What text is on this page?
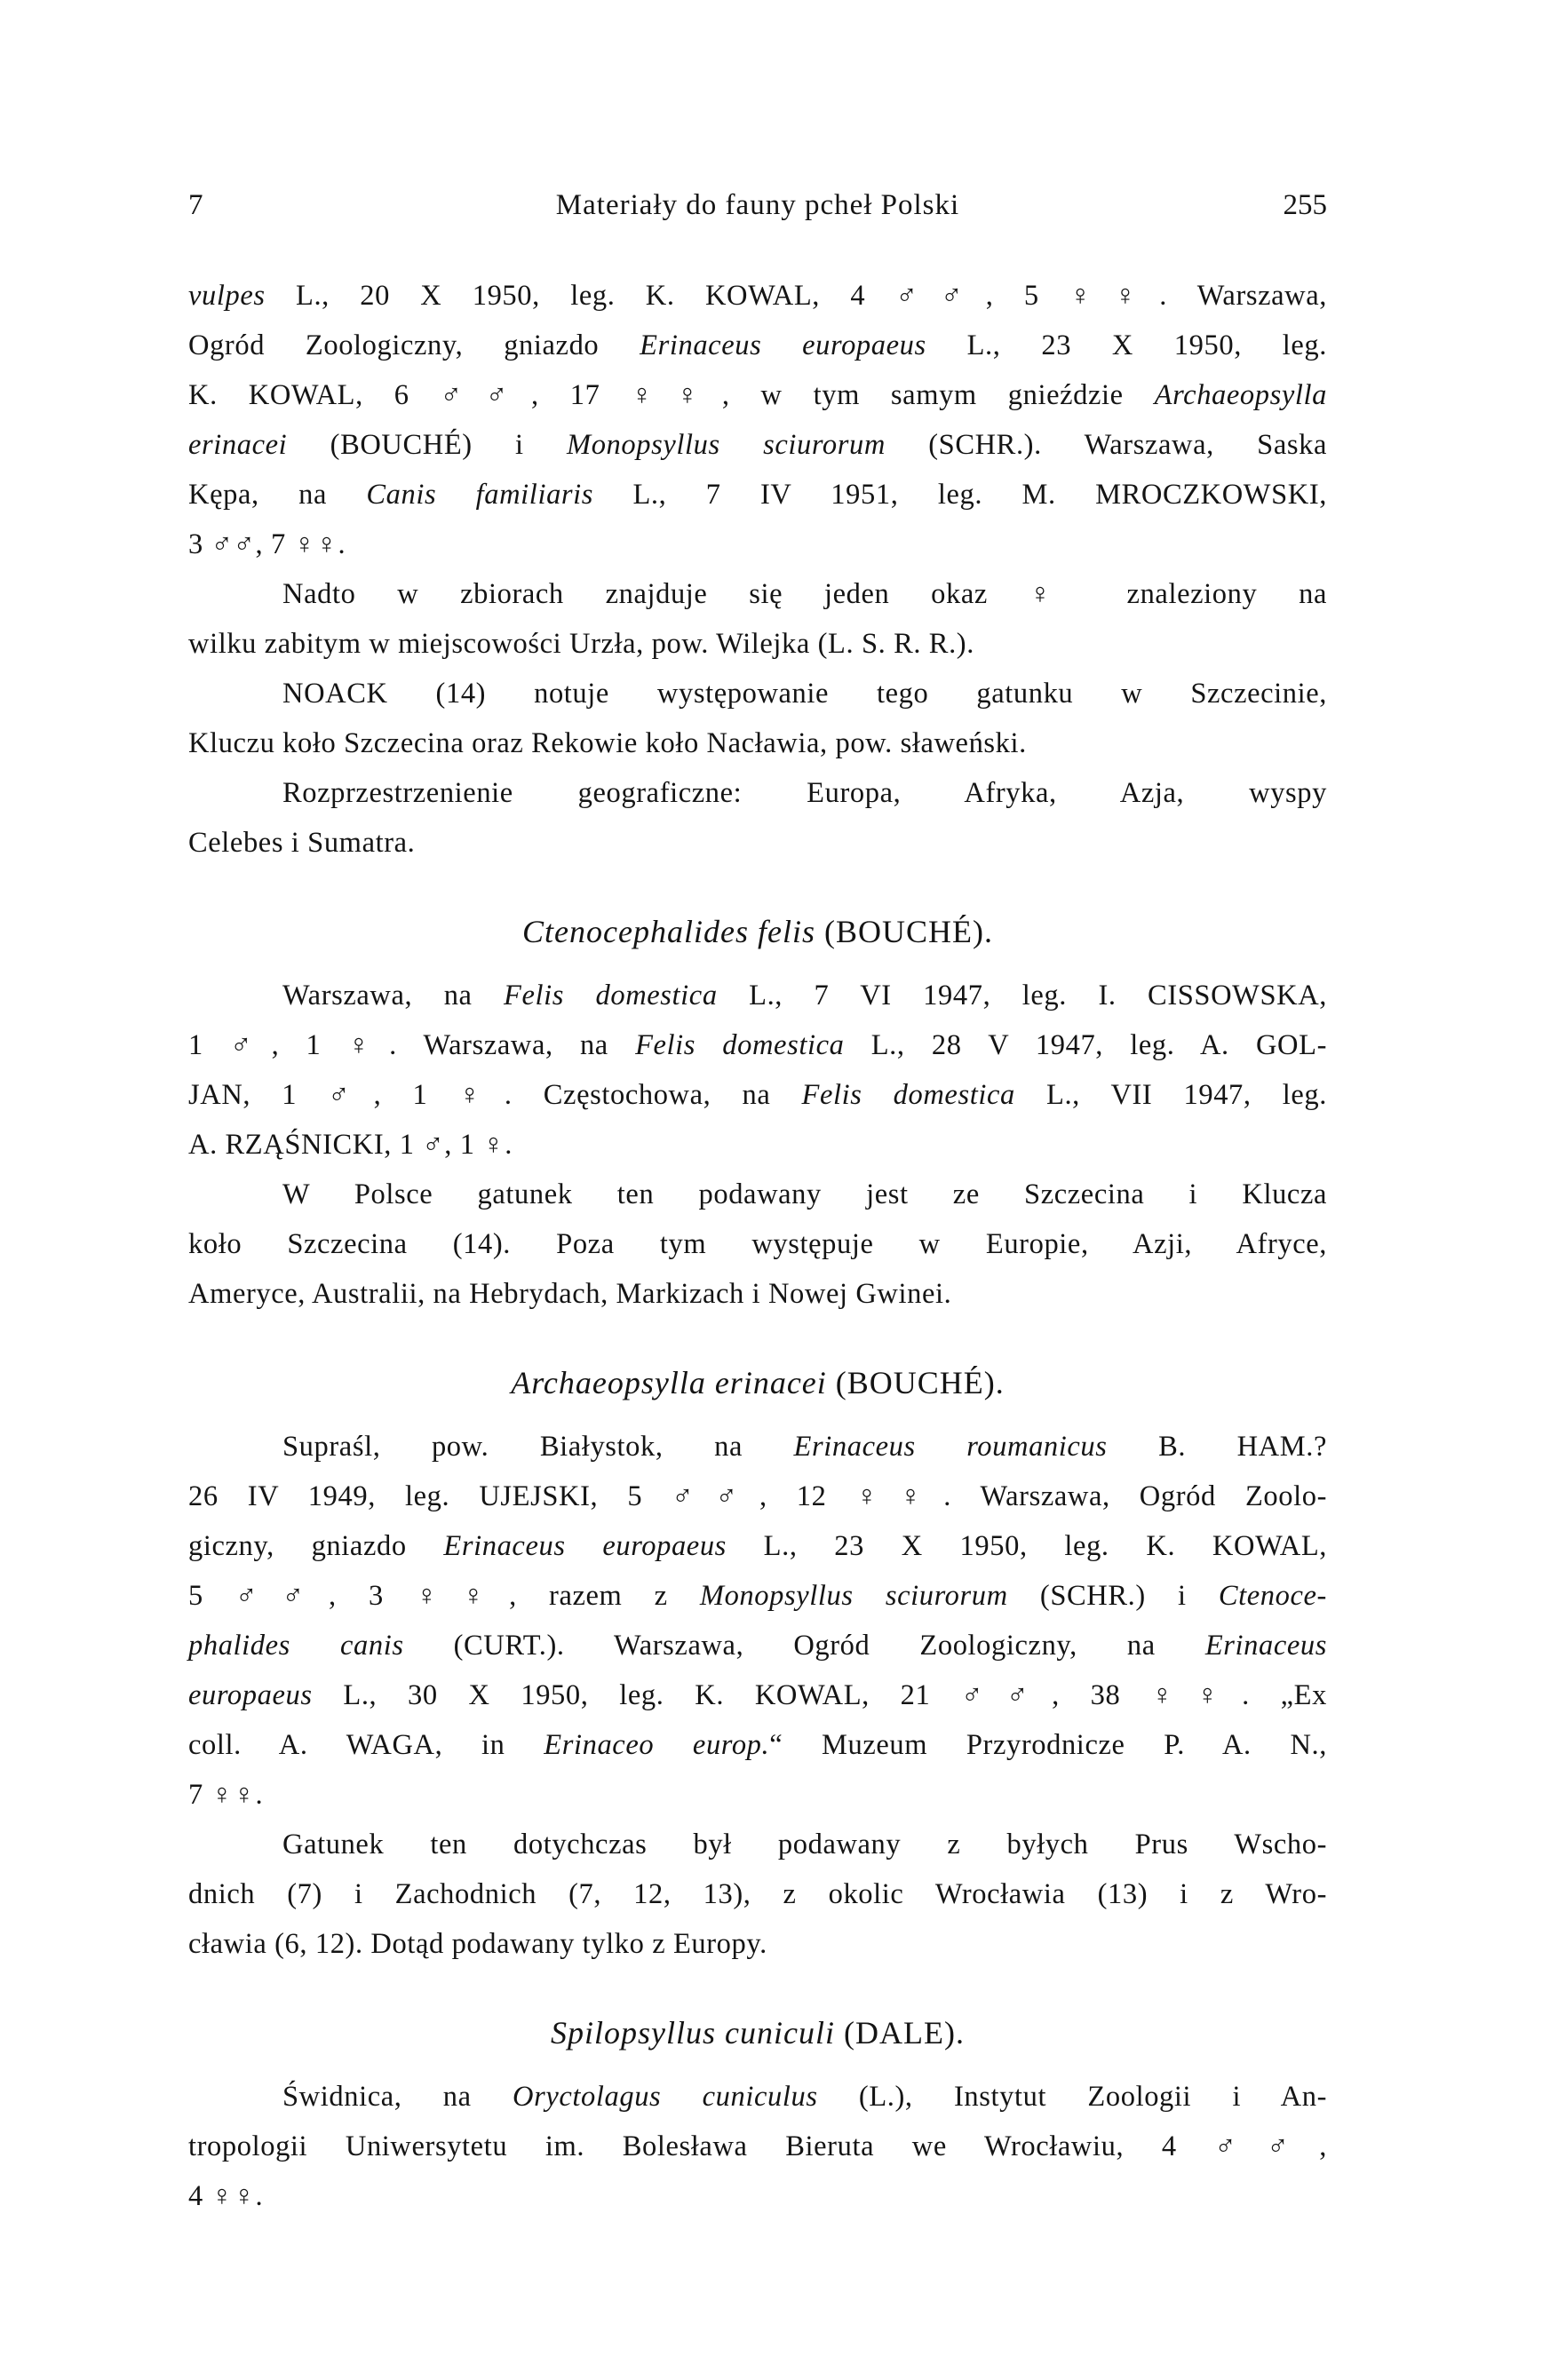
7	Materiały do fauny pcheł Polski	255
vulpes L., 20 X 1950, leg. K. KOWAL, 4 ♂♂, 5 ♀♀. Warszawa,
Ogród Zoologiczny, gniazdo Erinaceus europaeus L., 23 X 1950, leg.
K. KOWAL, 6 ♂♂, 17 ♀♀, w tym samym gnieździe Archaeopsylla
erinacei (BOUCHÉ) i Monopsyllus sciurorum (SCHR.). Warszawa, Saska
Kępa, na Canis familiaris L., 7 IV 1951, leg. M. MROCZKOWSKI,
3 ♂♂, 7 ♀♀.
Nadto w zbiorach znajduje się jeden okaz ♀ znaleziony na
wilku zabitym w miejscowości Urzła, pow. Wilejka (L. S. R. R.).
NOACK (14) notuje występowanie tego gatunku w Szczecinie,
Kluczu koło Szczecina oraz Rekowie koło Nacławia, pow. sławeński.
Rozprzestrzenienie geograficzne: Europa, Afryka, Azja, wyspy
Celebes i Sumatra.
Ctenocephalides felis (BOUCHÉ).
Warszawa, na Felis domestica L., 7 VI 1947, leg. I. CISSOWSKA,
1 ♂, 1 ♀. Warszawa, na Felis domestica L., 28 V 1947, leg. A. GOL-
JAN, 1 ♂, 1 ♀. Częstochowa, na Felis domestica L., VII 1947, leg.
A. RZĄŚNICKI, 1 ♂, 1 ♀.
W Polsce gatunek ten podawany jest ze Szczecina i Klucza
koło Szczecina (14). Poza tym występuje w Europie, Azji, Afryce,
Ameryce, Australii, na Hebrydach, Markizach i Nowej Gwinei.
Archaeopsylla erinacei (BOUCHÉ).
Supraśl, pow. Białystok, na Erinaceus roumanicus B. HAM.?
26 IV 1949, leg. UJEJSKI, 5 ♂♂, 12 ♀♀. Warszawa, Ogród Zoolo-
giczny, gniazdo Erinaceus europaeus L., 23 X 1950, leg. K. KOWAL,
5 ♂♂, 3 ♀♀, razem z Monopsyllus sciurorum (SCHR.) i Ctenoce-
phalides canis (CURT.). Warszawa, Ogród Zoologiczny, na Erinaceus
europaeus L., 30 X 1950, leg. K. KOWAL, 21 ♂♂, 38 ♀♀. „Ex
coll. A. WAGA, in Erinaceo europ.“ Muzeum Przyrodnicze P. A. N.,
7 ♀♀.
Gatunek ten dotychczas był podawany z byłych Prus Wscho-
dnich (7) i Zachodnich (7, 12, 13), z okolic Wrocławia (13) i z Wro-
cławia (6, 12). Dotąd podawany tylko z Europy.
Spilopsyllus cuniculi (DALE).
Świdnica, na Oryctolagus cuniculus (L.), Instytut Zoologii i An-
tropologii Uniwersytetu im. Bolesława Bieruta we Wrocławiu, 4 ♂♂,
4 ♀♀.
